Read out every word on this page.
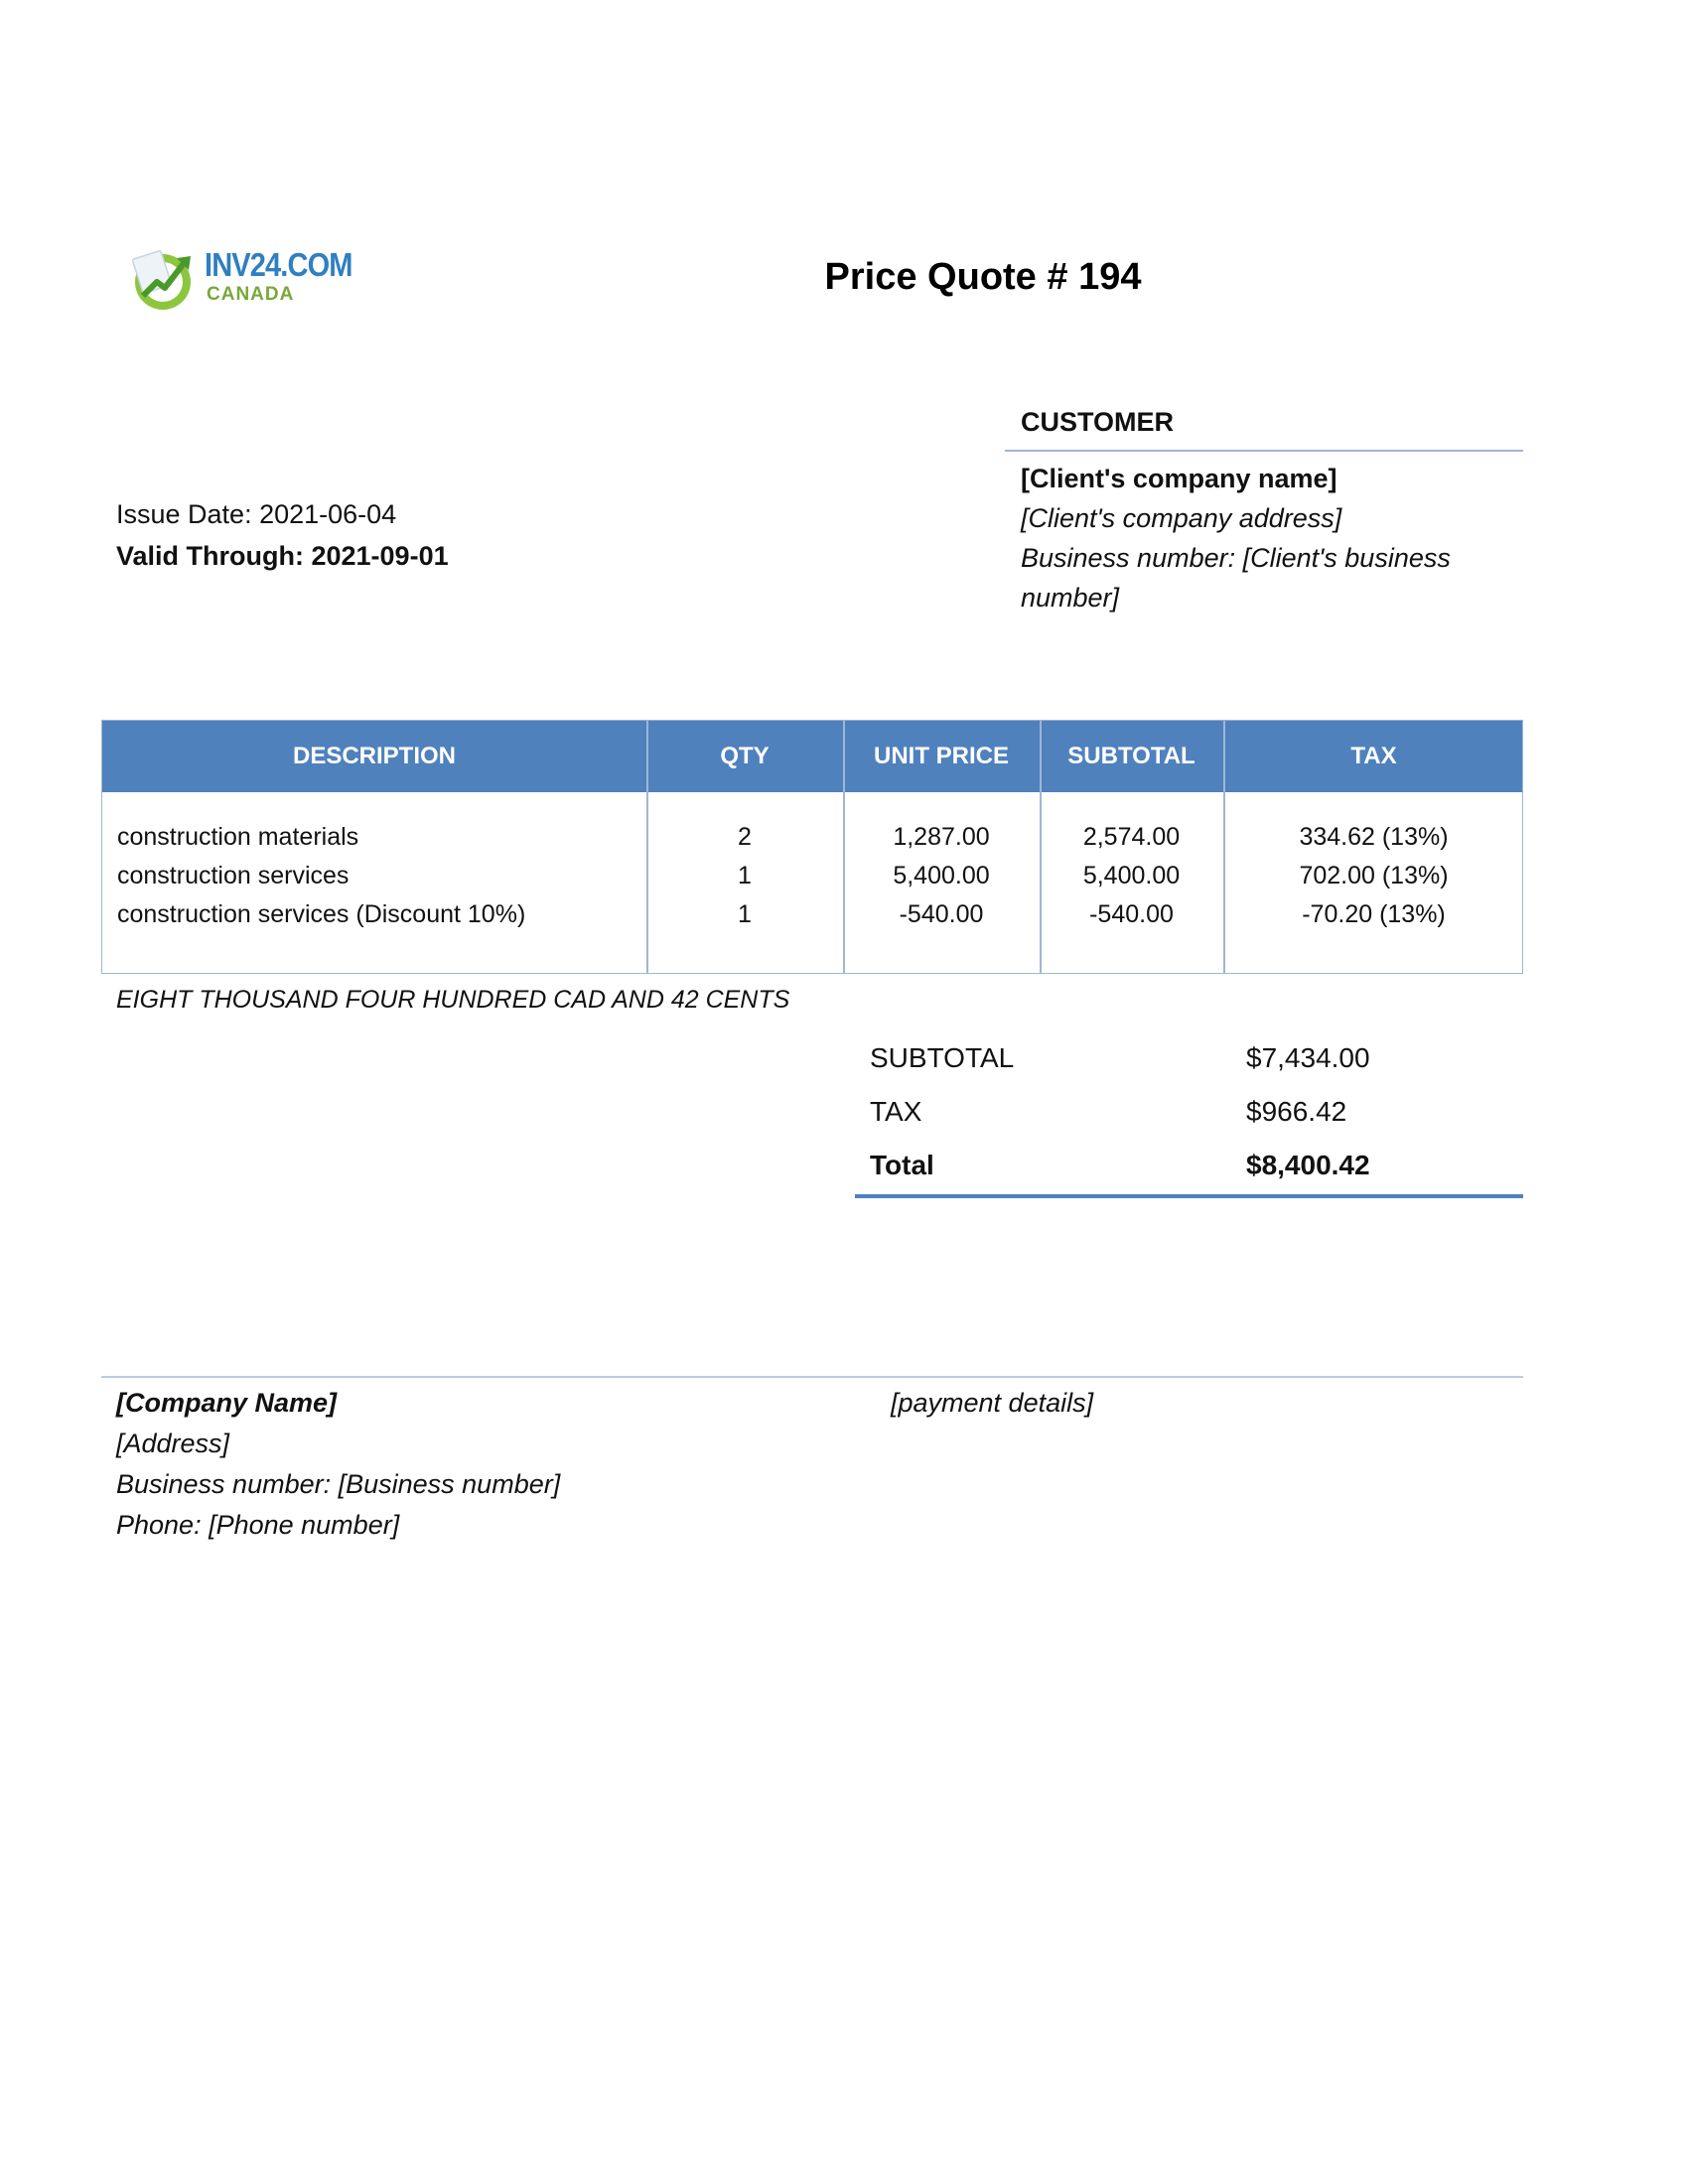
INV24.COM
CANADA	Price Quote # 194
Issue Date: 2021-06-04
Valid Through: 2021-09-01
CUSTOMER
[Client's company name]
[Client's company address]
Business number: [Client's business number]
DESCRIPTION	QTY	UNIT PRICE	SUBTOTAL	TAX
construction materials	2	1,287.00	2,574.00	334.62 (13%)
construction services	1	5,400.00	5,400.00	702.00 (13%)
construction services (Discount 10%)	1	-540.00	-540.00	-70.20 (13%)
EIGHT THOUSAND FOUR HUNDRED CAD AND 42 CENTS
SUBTOTAL	$7,434.00
TAX	$966.42
Total	$8,400.42
[Company Name]
[Address]
Business number: [Business number]
Phone: [Phone number]
[payment details]
